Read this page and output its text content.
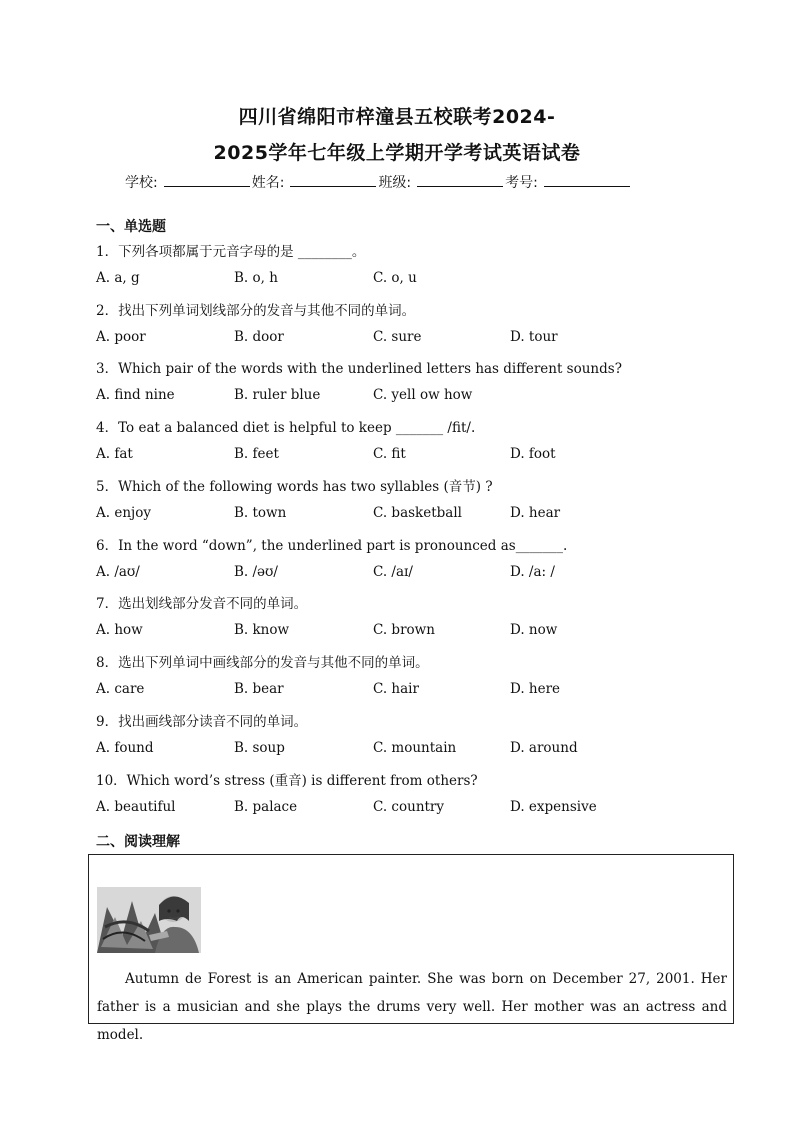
四川省绵阳市梓潼县五校联考2024-
2025学年七年级上学期开学考试英语试卷
学校:	姓名:	班级:	考号:
一、单选题
1．下列各项都属于元音字母的是 ________。
A. a, g	B. o, h	C. o, u
2．找出下列单词划线部分的发音与其他不同的单词。
A. poor	B. door	C. sure	D. tour
3．Which pair of the words with the underlined letters has different sounds?
A. find nine	B. ruler blue	C. yell ow how
4．To eat a balanced diet is helpful to keep _______ /fit/.
A. fat	B. feet	C. fit	D. foot
5．Which of the following words has two syllables (音节) ?
A. enjoy	B. town	C. basketball	D. hear
6．In the word “down”, the underlined part is pronounced as_______.
A. /aʊ/	B. /əʊ/	C. /aɪ/	D. /a: /
7．选出划线部分发音不同的单词。
A. how	B. know	C. brown	D. now
8．选出下列单词中画线部分的发音与其他不同的单词。
A. care	B. bear	C. hair	D. here
9．找出画线部分读音不同的单词。
A. found	B. soup	C. mountain	D. around
10．Which word’s stress (重音) is different from others?
A. beautiful	B. palace	C. country	D. expensive
二、阅读理解
Autumn de Forest is an American painter. She was born on December 27, 2001. Her father is a musician and she plays the drums very well. Her mother was an actress and model.
